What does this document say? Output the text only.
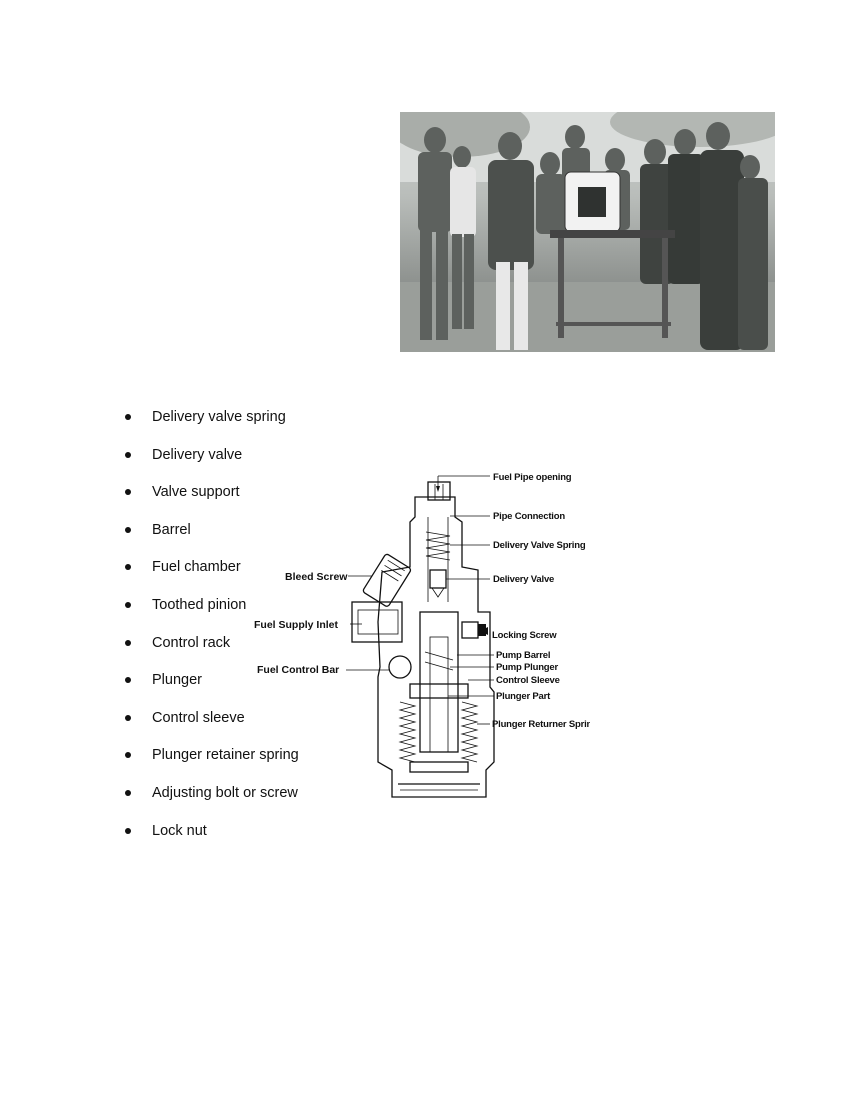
Delivery valve spring
Delivery valve
Valve support
Barrel
Fuel chamber
Toothed pinion
Control rack
Plunger
Control sleeve
Plunger retainer spring
Adjusting bolt or screw
Lock nut
Fuel Pipe opening
Pipe Connection
Delivery Valve Spring
Bleed Screw	Delivery Valve
Fuel Supply Inlet
Locking Screw
Pump Barrel
Pump Plunger
Fuel Control Bar
Control Sleeve
Plunger Part
Plunger Returner Spring
